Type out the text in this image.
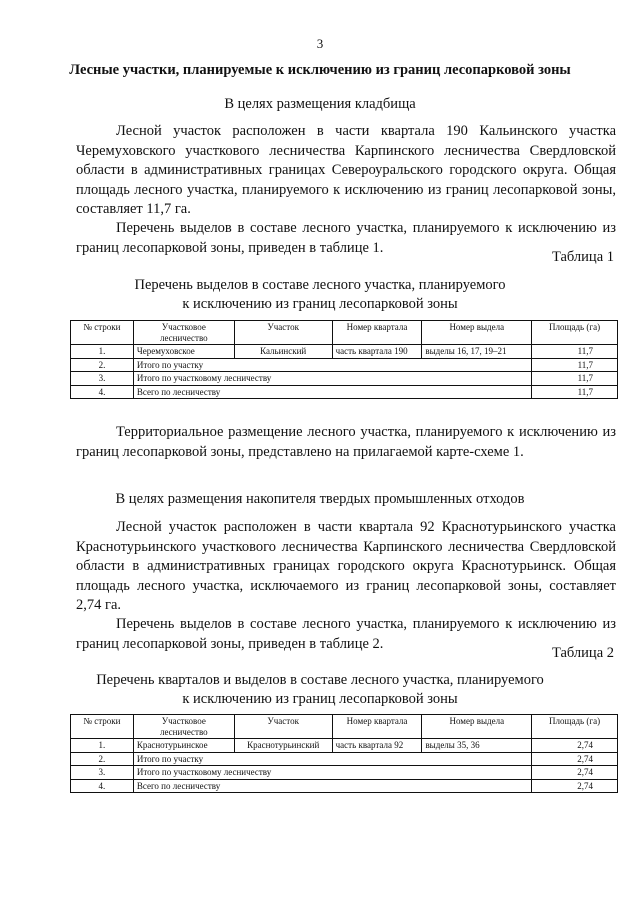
3
Лесные участки, планируемые к исключению из границ лесопарковой зоны
В целях размещения кладбища
Лесной участок расположен в части квартала 190 Кальинского участка Черемуховского участкового лесничества Карпинского лесничества Свердловской области в административных границах Североуральского городского округа. Общая площадь лесного участка, планируемого к исключению из границ лесопарковой зоны, составляет 11,7 га.
Перечень выделов в составе лесного участка, планируемого к исключению из границ лесопарковой зоны, приведен в таблице 1.
Таблица 1
Перечень выделов в составе лесного участка, планируемого
к исключению из границ лесопарковой зоны
№ строки	Участковое лесничество	Участок	Номер квартала	Номер выдела	Площадь (га)
1.	Черемуховское	Кальинский	часть квартала 190	выделы 16, 17, 19–21	11,7
2.	Итого по участку				11,7
3.	Итого по участковому лесничеству				11,7
4.	Всего по лесничеству				11,7
Территориальное размещение лесного участка, планируемого к исключению из границ лесопарковой зоны, представлено на прилагаемой карте-схеме 1.
В целях размещения накопителя твердых промышленных отходов
Лесной участок расположен в части квартала 92 Краснотурьинского участка Краснотурьинского участкового лесничества Карпинского лесничества Свердловской области в административных границах городского округа Краснотурьинск. Общая площадь лесного участка, исключаемого из границ лесопарковой зоны, составляет 2,74 га.
Перечень выделов в составе лесного участка, планируемого к исключению из границ лесопарковой зоны, приведен в таблице 2.
Таблица 2
Перечень кварталов и выделов в составе лесного участка, планируемого
к исключению из границ лесопарковой зоны
№ строки	Участковое лесничество	Участок	Номер квартала	Номер выдела	Площадь (га)
1.	Краснотурьинское	Краснотурьинский	часть квартала 92	выделы 35, 36	2,74
2.	Итого по участку				2,74
3.	Итого по участковому лесничеству				2,74
4.	Всего по лесничеству				2,74
